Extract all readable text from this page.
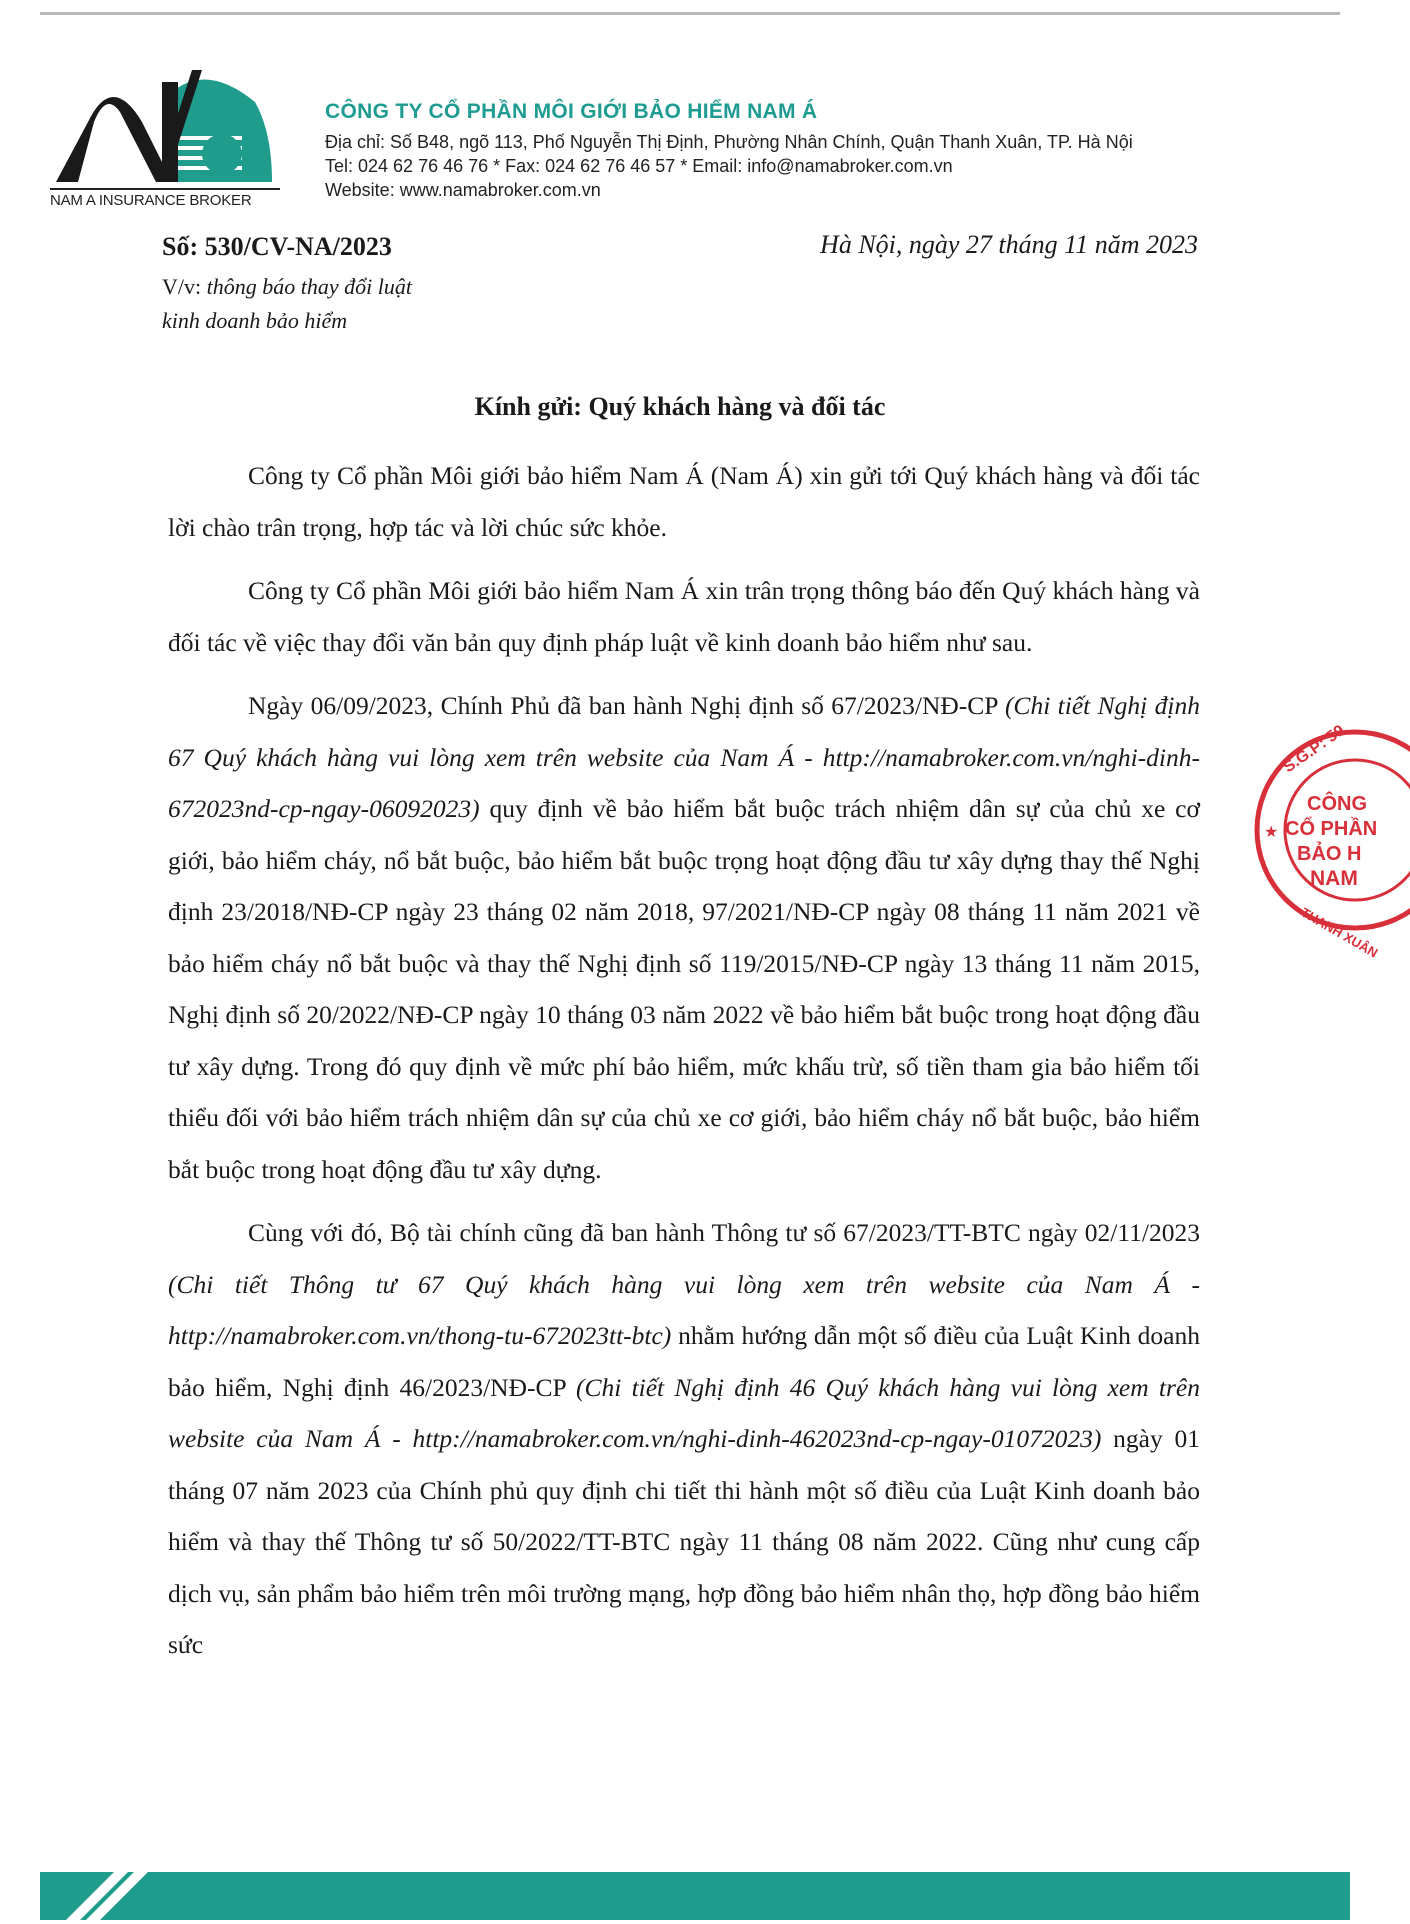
NAM A INSURANCE BROKER
CÔNG TY CỔ PHẦN MÔI GIỚI BẢO HIỂM NAM Á
Địa chỉ: Số B48, ngõ 113, Phố Nguyễn Thị Định, Phường Nhân Chính, Quận Thanh Xuân, TP. Hà Nội
Tel: 024 62 76 46 76 * Fax: 024 62 76 46 57 * Email: info@namabroker.com.vn
Website: www.namabroker.com.vn
Số: 530/CV-NA/2023
V/v: thông báo thay đổi luật
kinh doanh bảo hiểm
Hà Nội, ngày 27 tháng 11 năm 2023
Kính gửi: Quý khách hàng và đối tác

Công ty Cổ phần Môi giới bảo hiểm Nam Á (Nam Á) xin gửi tới Quý khách hàng và đối tác lời chào trân trọng, hợp tác và lời chúc sức khỏe.

Công ty Cổ phần Môi giới bảo hiểm Nam Á xin trân trọng thông báo đến Quý khách hàng và đối tác về việc thay đổi văn bản quy định pháp luật về kinh doanh bảo hiểm như sau.

Ngày 06/09/2023, Chính Phủ đã ban hành Nghị định số 67/2023/NĐ-CP (Chi tiết Nghị định 67 Quý khách hàng vui lòng xem trên website của Nam Á - http://namabroker.com.vn/nghi-dinh-672023nd-cp-ngay-06092023) quy định về bảo hiểm bắt buộc trách nhiệm dân sự của chủ xe cơ giới, bảo hiểm cháy, nổ bắt buộc, bảo hiểm bắt buộc trọng hoạt động đầu tư xây dựng thay thế Nghị định 23/2018/NĐ-CP ngày 23 tháng 02 năm 2018, 97/2021/NĐ-CP ngày 08 tháng 11 năm 2021 về bảo hiểm cháy nổ bắt buộc và thay thế Nghị định số 119/2015/NĐ-CP ngày 13 tháng 11 năm 2015, Nghị định số 20/2022/NĐ-CP ngày 10 tháng 03 năm 2022 về bảo hiểm bắt buộc trong hoạt động đầu tư xây dựng. Trong đó quy định về mức phí bảo hiểm, mức khấu trừ, số tiền tham gia bảo hiểm tối thiểu đối với bảo hiểm trách nhiệm dân sự của chủ xe cơ giới, bảo hiểm cháy nổ bắt buộc, bảo hiểm bắt buộc trong hoạt động đầu tư xây dựng.

Cùng với đó, Bộ tài chính cũng đã ban hành Thông tư số 67/2023/TT-BTC ngày 02/11/2023 (Chi tiết Thông tư 67 Quý khách hàng vui lòng xem trên website của Nam Á - http://namabroker.com.vn/thong-tu-672023tt-btc) nhằm hướng dẫn một số điều của Luật Kinh doanh bảo hiểm, Nghị định 46/2023/NĐ-CP (Chi tiết Nghị định 46 Quý khách hàng vui lòng xem trên website của Nam Á - http://namabroker.com.vn/nghi-dinh-462023nd-cp-ngay-01072023) ngày 01 tháng 07 năm 2023 của Chính phủ quy định chi tiết thi hành một số điều của Luật Kinh doanh bảo hiểm và thay thế Thông tư số 50/2022/TT-BTC ngày 11 tháng 08 năm 2022. Cũng như cung cấp dịch vụ, sản phẩm bảo hiểm trên môi trường mạng, hợp đồng bảo hiểm nhân thọ, hợp đồng bảo hiểm sức

S.G.P: 59
★
CÔNG
CỔ PHẦN
BẢO H
NAM
THANH XUÂN
